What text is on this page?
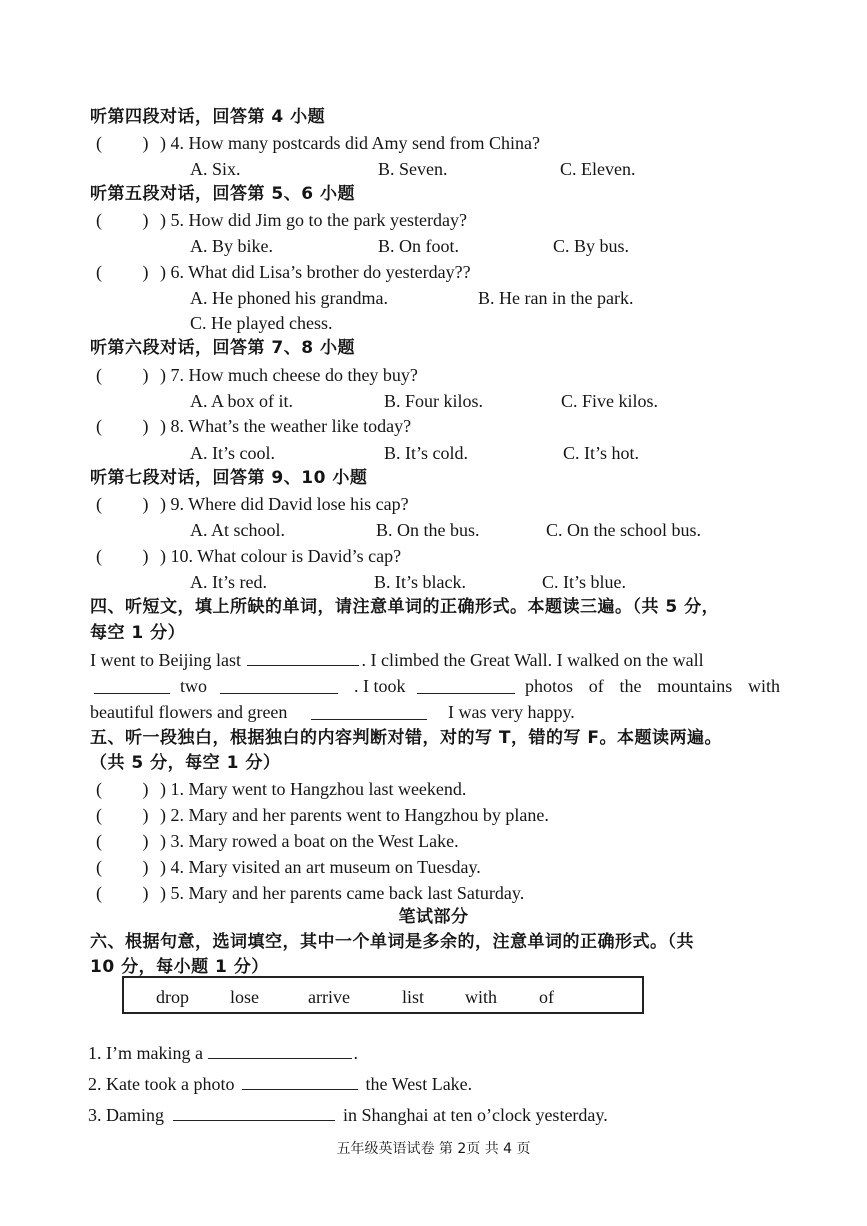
听第四段对话，回答第 4 小题
(         ) ) 4. How many postcards did Amy send from China?
A. Six.	B. Seven.	C. Eleven.
听第五段对话，回答第 5、6 小题
(         ) ) 5. How did Jim go to the park yesterday?
A. By bike.	B. On foot.	C. By bus.
(         ) ) 6. What did Lisa’s brother do yesterday??
A. He phoned his grandma.	B. He ran in the park.
C. He played chess.
听第六段对话，回答第 7、8 小题
(         ) ) 7. How much cheese do they buy?
A. A box of it.	B. Four kilos.	C. Five kilos.
(         ) ) 8. What’s the weather like today?
A. It’s cool.	B. It’s cold.	C. It’s hot.
听第七段对话，回答第 9、10 小题
(         ) ) 9. Where did David lose his cap?
A. At school.	B. On the bus.	C. On the school bus.
(         ) ) 10. What colour is David’s cap?
A. It’s red.	B. It’s black.	C. It’s blue.
四、听短文，填上所缺的单词，请注意单词的正确形式。本题读三遍。（共 5 分，
每空 1 分）
I went to Beijing last	. I climbed the Great Wall. I walked on the wall
two	. I took	photos of the mountains with
beautiful flowers and green	I was very happy.
五、听一段独白，根据独白的内容判断对错，对的写 T，错的写 F。本题读两遍。
（共 5 分，每空 1 分）
(         ) ) 1. Mary went to Hangzhou last weekend.
(         ) ) 2. Mary and her parents went to Hangzhou by plane.
(         ) ) 3. Mary rowed a boat on the West Lake.
(         ) ) 4. Mary visited an art museum on Tuesday.
(         ) ) 5. Mary and her parents came back last Saturday.
笔试部分
六、根据句意，选词填空，其中一个单词是多余的，注意单词的正确形式。（共
10 分，每小题 1 分）
drop lose	arrive	list with of
1. I’m making a	.
2. Kate took a photo	the West Lake.
3. Daming	in Shanghai at ten o’clock yesterday.
五年级英语试卷 第 2页 共 4 页
